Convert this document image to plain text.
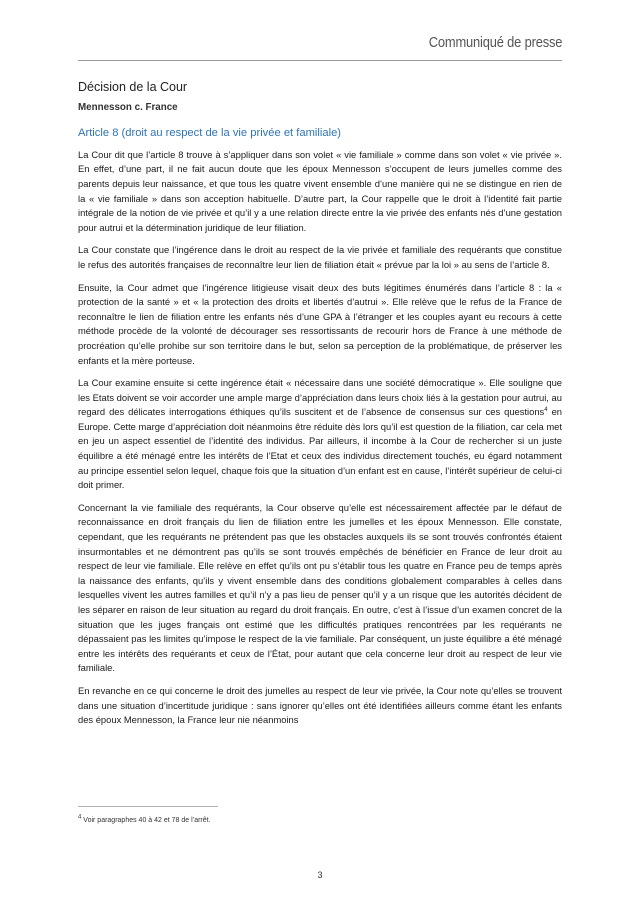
Communiqué de presse
Décision de la Cour
Mennesson c. France
Article 8 (droit au respect de la vie privée et familiale)

La Cour dit que l’article 8 trouve à s’appliquer dans son volet « vie familiale » comme dans son volet « vie privée ». En effet, d’une part, il ne fait aucun doute que les époux Mennesson s’occupent de leurs jumelles comme des parents depuis leur naissance, et que tous les quatre vivent ensemble d’une manière qui ne se distingue en rien de la « vie familiale » dans son acception habituelle. D’autre part, la Cour rappelle que le droit à l’identité fait partie intégrale de la notion de vie privée et qu’il y a une relation directe entre la vie privée des enfants nés d’une gestation pour autrui et la détermination juridique de leur filiation.

La Cour constate que l’ingérence dans le droit au respect de la vie privée et familiale des requérants que constitue le refus des autorités françaises de reconnaître leur lien de filiation était « prévue par la loi » au sens de l’article 8.

Ensuite, la Cour admet que l’ingérence litigieuse visait deux des buts légitimes énumérés dans l’article 8 : la « protection de la santé » et « la protection des droits et libertés d’autrui ». Elle relève que le refus de la France de reconnaître le lien de filiation entre les enfants nés d’une GPA à l’étranger et les couples ayant eu recours à cette méthode procède de la volonté de décourager ses ressortissants de recourir hors de France à une méthode de procréation qu’elle prohibe sur son territoire dans le but, selon sa perception de la problématique, de préserver les enfants et la mère porteuse.

La Cour examine ensuite si cette ingérence était « nécessaire dans une société démocratique ». Elle souligne que les Etats doivent se voir accorder une ample marge d’appréciation dans leurs choix liés à la gestation pour autrui, au regard des délicates interrogations éthiques qu’ils suscitent et de l’absence de consensus sur ces questions$^4$ en Europe. Cette marge d’appréciation doit néanmoins être réduite dès lors qu’il est question de la filiation, car cela met en jeu un aspect essentiel de l’identité des individus. Par ailleurs, il incombe à la Cour de rechercher si un juste équilibre a été ménagé entre les intérêts de l’Etat et ceux des individus directement touchés, eu égard notamment au principe essentiel selon lequel, chaque fois que la situation d’un enfant est en cause, l’intérêt supérieur de celui-ci doit primer.

Concernant la vie familiale des requérants, la Cour observe qu’elle est nécessairement affectée par le défaut de reconnaissance en droit français du lien de filiation entre les jumelles et les époux Mennesson. Elle constate, cependant, que les requérants ne prétendent pas que les obstacles auxquels ils se sont trouvés confrontés étaient insurmontables et ne démontrent pas qu’ils se sont trouvés empêchés de bénéficier en France de leur droit au respect de leur vie familiale. Elle relève en effet qu’ils ont pu s’établir tous les quatre en France peu de temps après la naissance des enfants, qu’ils y vivent ensemble dans des conditions globalement comparables à celles dans lesquelles vivent les autres familles et qu’il n’y a pas lieu de penser qu’il y a un risque que les autorités décident de les séparer en raison de leur situation au regard du droit français. En outre, c’est à l’issue d’un examen concret de la situation que les juges français ont estimé que les difficultés pratiques rencontrées par les requérants ne dépassaient pas les limites qu’impose le respect de la vie familiale. Par conséquent, un juste équilibre a été ménagé entre les intérêts des requérants et ceux de l’État, pour autant que cela concerne leur droit au respect de leur vie familiale.

En revanche en ce qui concerne le droit des jumelles au respect de leur vie privée, la Cour note qu’elles se trouvent dans une situation d’incertitude juridique : sans ignorer qu’elles ont été identifiées ailleurs comme étant les enfants des époux Mennesson, la France leur nie néanmoins

$^4$ Voir paragraphes 40 à 42 et 78 de l’arrêt.
3
